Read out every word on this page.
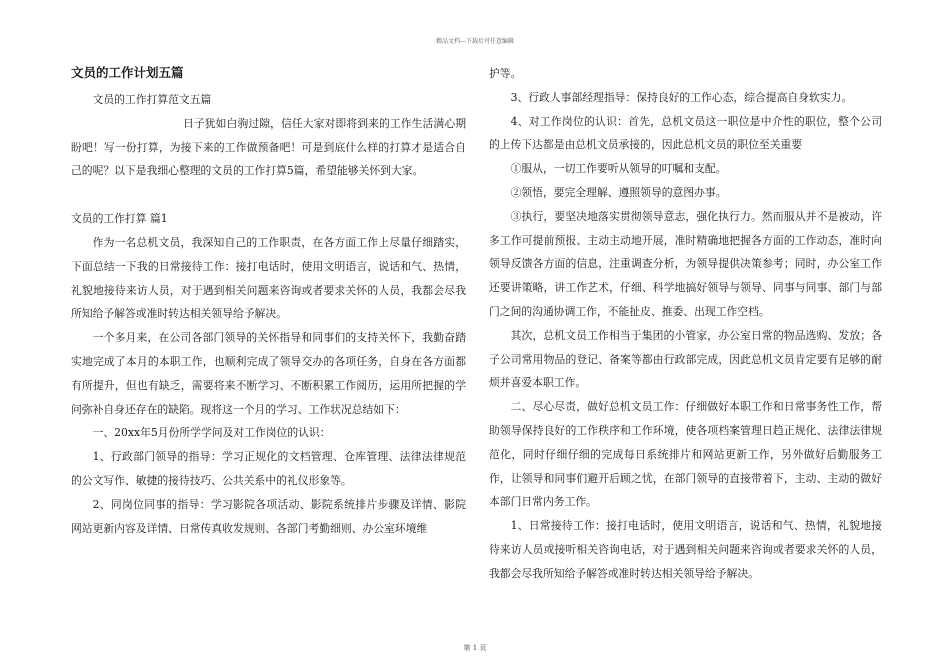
精品文档---下载后可任意编辑
文员的工作计划五篇

文员的工作打算范文五篇

日子犹如白驹过隙，信任大家对即将到来的工作生活满心期盼吧！写一份打算，为接下来的工作做预备吧！可是到底什么样的打算才是适合自己的呢？以下是我细心整理的文员的工作打算5篇，希望能够关怀到大家。

文员的工作打算 篇1

作为一名总机文员，我深知自己的工作职责，在各方面工作上尽量仔细踏实，下面总结一下我的日常接待工作：接打电话时，使用文明语言，说话和气、热情，礼貌地接待来访人员，对于遇到相关问题来咨询或者要求关怀的人员，我都会尽我所知给予解答或准时转达相关领导给予解决。

一个多月来，在公司各部门领导的关怀指导和同事们的支持关怀下，我勤奋踏实地完成了本月的本职工作，也顺利完成了领导交办的各项任务，自身在各方面都有所提升，但也有缺乏，需要将来不断学习、不断积累工作阅历，运用所把握的学问弥补自身还存在的缺陷。现将这一个月的学习、工作状况总结如下：

一、20xx年5月份所学学问及对工作岗位的认识：

1、行政部门领导的指导：学习正规化的文档管理、仓库管理、法律法律规范的公文写作、敏捷的接待技巧、公共关系中的礼仪形象等。

2、同岗位同事的指导：学习影院各项活动、影院系统排片步骤及详情、影院网站更新内容及详情、日常传真收发规则、各部门考勤细则、办公室环境维

护等。

3、行政人事部经理指导：保持良好的工作心态，综合提高自身软实力。

4、对工作岗位的认识：首先，总机文员这一职位是中介性的职位，整个公司的上传下达都是由总机文员承接的，因此总机文员的职位至关重要

①服从，一切工作要听从领导的叮嘱和支配。

②领悟，要完全理解、遵照领导的意图办事。

③执行，要坚决地落实贯彻领导意志，强化执行力。然而服从并不是被动，许多工作可提前预报、主动主动地开展，准时精确地把握各方面的工作动态，准时向领导反馈各方面的信息，注重调查分析，为领导提供决策参考；同时，办公室工作还要讲策略，讲工作艺术，仔细、科学地搞好领导与领导、同事与同事、部门与部门之间的沟通协调工作，不能扯皮、推委、出现工作空档。

其次，总机文员工作相当于集团的小管家，办公室日常的物品选购、发放；各子公司常用物品的登记、备案等都由行政部完成，因此总机文员肯定要有足够的耐烦并喜爱本职工作。

二、尽心尽责，做好总机文员工作：仔细做好本职工作和日常事务性工作，帮助领导保持良好的工作秩序和工作环境，使各项档案管理日趋正规化、法律法律规范化，同时仔细仔细的完成每日系统排片和网站更新工作，另外做好后勤服务工作，让领导和同事们避开后顾之忧，在部门领导的直接带着下，主动、主动的做好本部门日常内务工作。

1、日常接待工作：接打电话时，使用文明语言，说话和气、热情，礼貌地接待来访人员或接听相关咨询电话，对于遇到相关问题来咨询或者要求关怀的人员，我都会尽我所知给予解答或准时转达相关领导给予解决。

第 1 页
